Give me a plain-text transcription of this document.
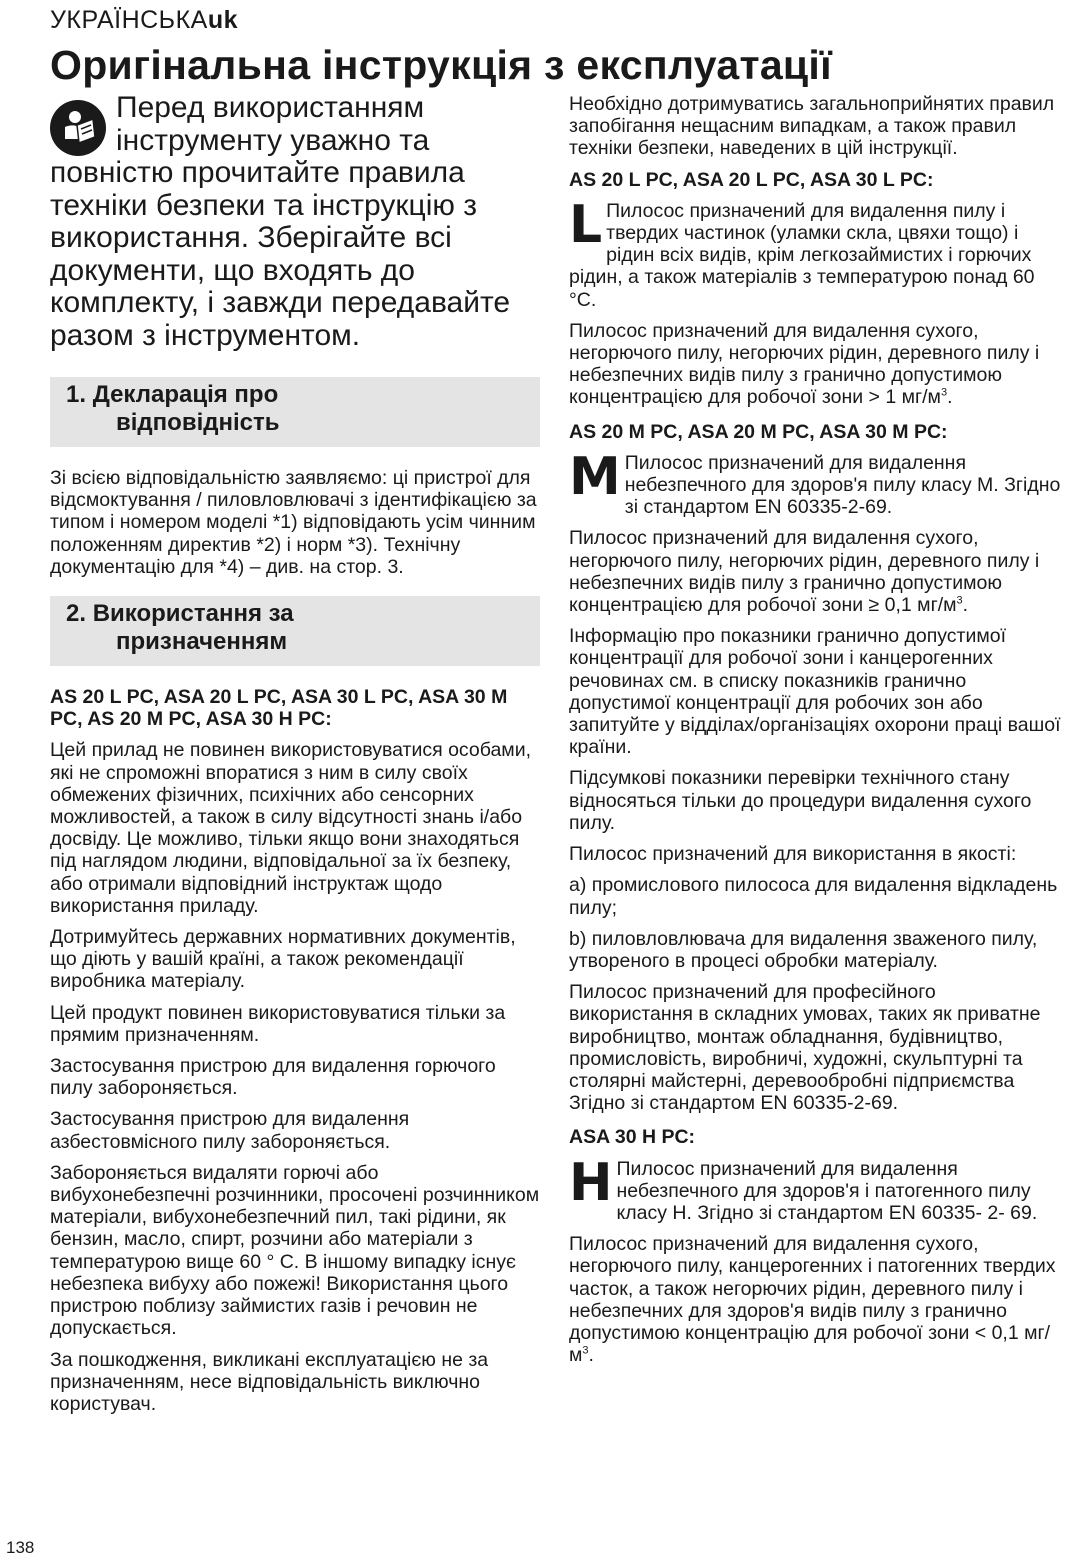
УКРАЇНСЬКАuk
Оригінальна інструкція з експлуатації

Перед використанням інструменту уважно та повністю прочитайте правила техніки безпеки та інструкцію з використання. Зберігайте всі документи, що входять до комплекту, і завжди передавайте разом з інструментом.

1. Декларація про
відповідність

Зі всією відповідальністю заявляємо: ці пристрої для відсмоктування / пиловловлювачі з ідентифікацією за типом і номером моделі *1) відповідають усім чинним положенням директив *2) і норм *3). Технічну документацію для *4) – див. на стор. 3.

2. Використання за
призначенням

AS 20 L PC, ASA 20 L PC, ASA 30 L PC, ASA 30 M PC, AS 20 M PC, ASA 30 H PC:

Цей прилад не повинен використовуватися особами, які не спроможні впоратися з ним в силу своїх обмежених фізичних, психічних або сенсорних можливостей, а також в силу відсутності знань і/або досвіду. Це можливо, тільки якщо вони знаходяться під наглядом людини, відповідальної за їх безпеку, або отримали відповідний інструктаж щодо використання приладу.

Дотримуйтесь державних нормативних документів, що діють у вашій країні, а також рекомендації виробника матеріалу.

Цей продукт повинен використовуватися тільки за прямим призначенням.

Застосування пристрою для видалення горючого пилу забороняється.

Застосування пристрою для видалення азбестовмісного пилу забороняється.

Забороняється видаляти горючі або вибухонебезпечні розчинники, просочені розчинником матеріали, вибухонебезпечний пил, такі рідини, як бензин, масло, спирт, розчини або матеріали з температурою вище 60 ° C. В іншому випадку існує небезпека вибуху або пожежі! Використання цього пристрою поблизу займистих газів і речовин не допускається.

За пошкодження, викликані експлуатацією не за призначенням, несе відповідальність виключно користувач.

Необхідно дотримуватись загальноприйнятих правил запобігання нещасним випадкам, а також правил техніки безпеки, наведених в цій інструкції.

AS 20 L PC, ASA 20 L PC, ASA 30 L PC:

L Пилосос призначений для видалення пилу і твердих частинок (уламки скла, цвяхи тощо) і рідин всіх видів, крім легкозаймистих і горючих рідин, а також матеріалів з температурою понад 60 °C.

Пилосос призначений для видалення сухого, негорючого пилу, негорючих рідин, деревного пилу і небезпечних видів пилу з гранично допустимою концентрацією для робочої зони > 1 $мг/м^3$.

AS 20 M PC, ASA 20 M PC, ASA 30 M PC:

M Пилосос призначений для видалення небезпечного для здоров'я пилу класу M. Згідно зі стандартом EN 60335-2-69.

Пилосос призначений для видалення сухого, негорючого пилу, негорючих рідин, деревного пилу і небезпечних видів пилу з гранично допустимою концентрацією для робочої зони ≥ 0,1 $мг/м^3$.

Інформацію про показники гранично допустимої концентрації для робочої зони і канцерогенних речовинах см. в списку показників гранично допустимої концентрації для робочих зон або запитуйте у відділах/організаціях охорони праці вашої країни.

Підсумкові показники перевірки технічного стану відносяться тільки до процедури видалення сухого пилу.

Пилосос призначений для використання в якості:

a) промислового пилососа для видалення відкладень пилу;

b) пиловловлювача для видалення зваженого пилу, утвореного в процесі обробки матеріалу.

Пилосос призначений для професійного використання в складних умовах, таких як приватне виробництво, монтаж обладнання, будівництво, промисловість, виробничі, художні, скульптурні та столярні майстерні, деревообробні підприємства Згідно зі стандартом EN 60335-2-69.

ASA 30 H PC:

H Пилосос призначений для видалення небезпечного для здоров'я і патогенного пилу класу H. Згідно зі стандартом EN 60335- 2- 69.

Пилосос призначений для видалення сухого, негорючого пилу, канцерогенних і патогенних твердих часток, а також негорючих рідин, деревного пилу і небезпечних для здоров'я видів пилу з гранично допустимою концентрацію для робочої зони < 0,1 $мг/м^3$.

138
